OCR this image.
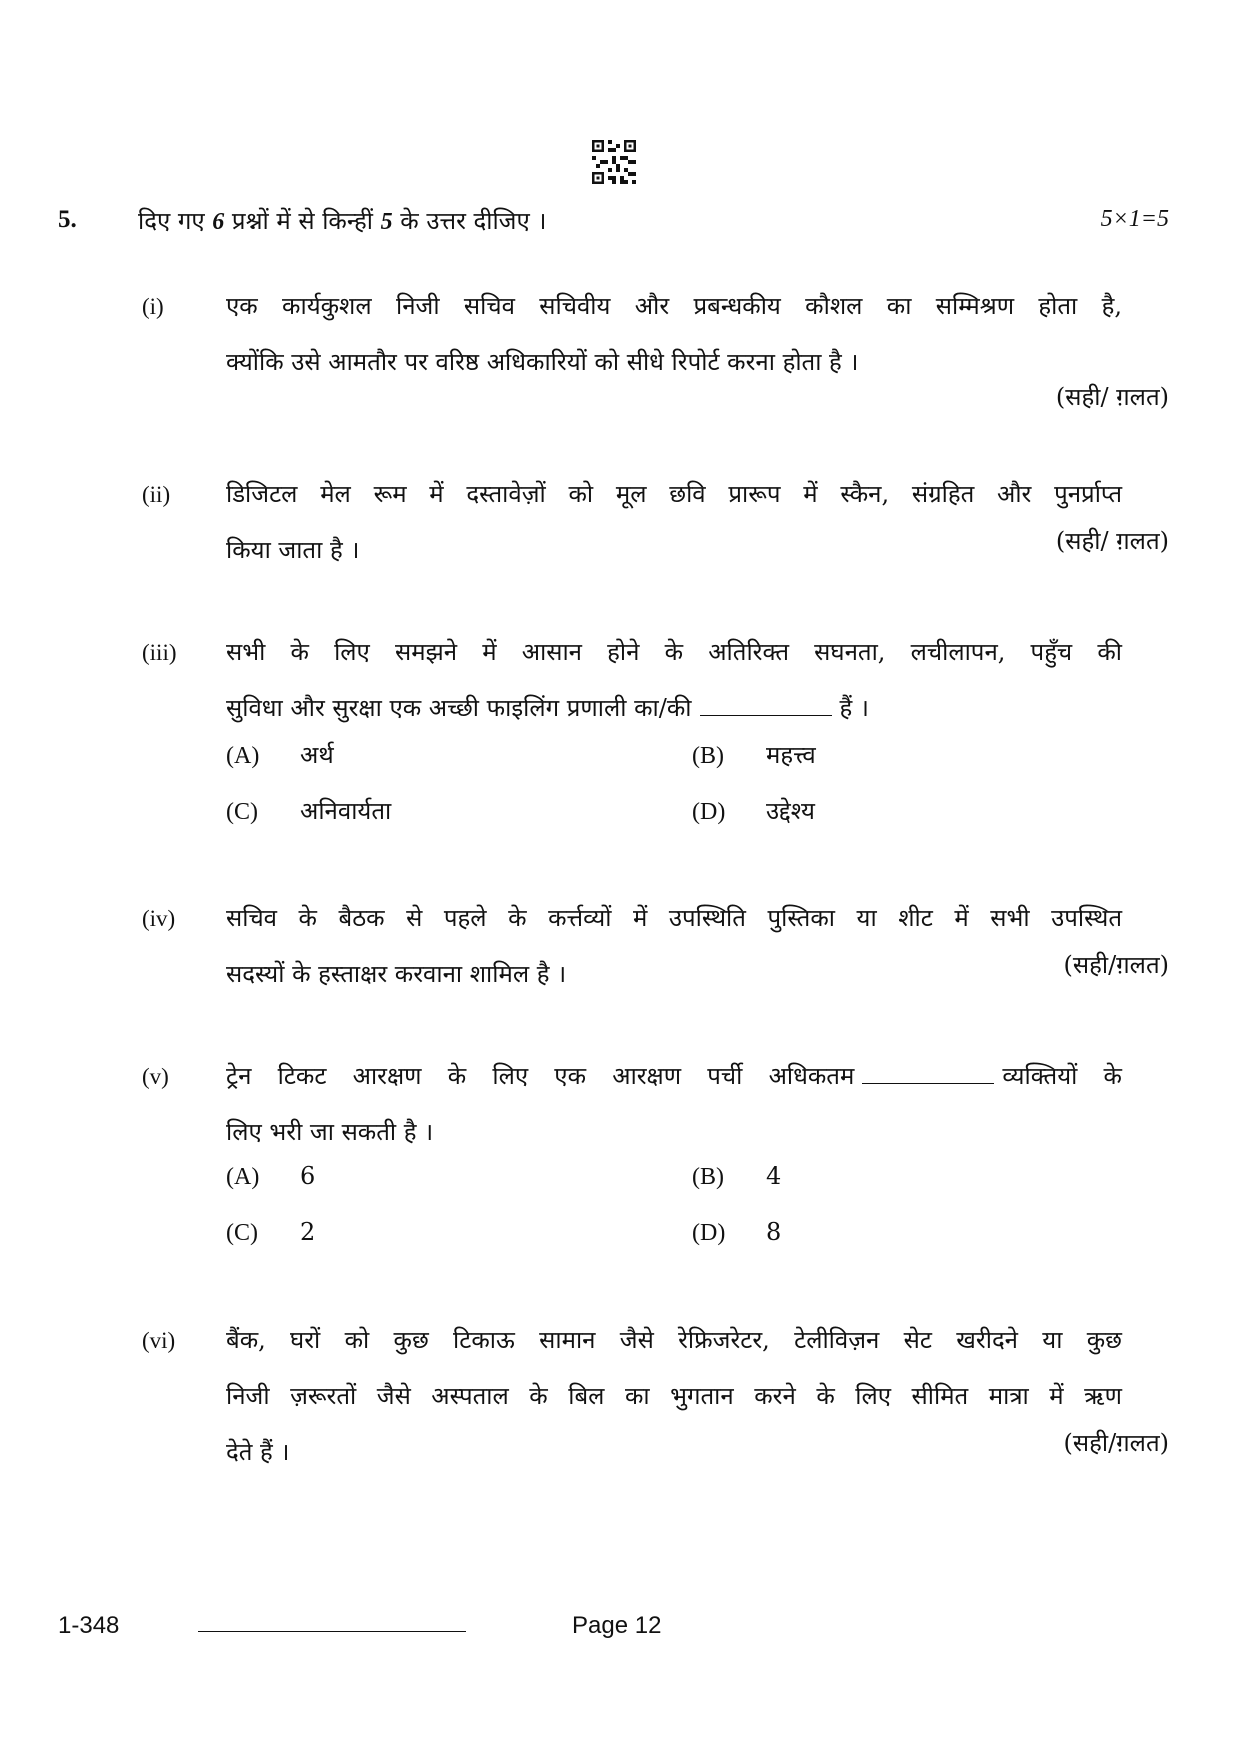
5.	दिए गए 6 प्रश्नों में से किन्हीं 5 के उत्तर दीजिए ।	5×1=5
(i)	एक कार्यकुशल निजी सचिव सचिवीय और प्रबन्धकीय कौशल का सम्मिश्रण होता है,
क्योंकि उसे आमतौर पर वरिष्ठ अधिकारियों को सीधे रिपोर्ट करना होता है ।
(सही/ ग़लत)
(ii) डिजिटल मेल रूम में दस्तावेज़ों को मूल छवि प्रारूप में स्कैन, संग्रहित और पुनर्प्राप्त
किया जाता है ।	(सही/ ग़लत)
(iii) सभी के लिए समझने में आसान होने के अतिरिक्त सघनता, लचीलापन, पहुँच की
सुविधा और सुरक्षा एक अच्छी फाइलिंग प्रणाली का/की	हैं ।
(A) अर्थ	(B) महत्त्व
(C) अनिवार्यता	(D) उद्देश्य
(iv) सचिव के बैठक से पहले के कर्त्तव्यों में उपस्थिति पुस्तिका या शीट में सभी उपस्थित
सदस्यों के हस्ताक्षर करवाना शामिल है ।	(सही/ग़लत)
(v) ट्रेन टिकट आरक्षण के लिए एक आरक्षण पर्ची अधिकतम	व्यक्तियों के
लिए भरी जा सकती है ।
(A) 6	(B) 4
(C) 2	(D) 8
(vi) बैंक, घरों को कुछ टिकाऊ सामान जैसे रेफ्रिजरेटर, टेलीविज़न सेट खरीदने या कुछ
निजी ज़रूरतों जैसे अस्पताल के बिल का भुगतान करने के लिए सीमित मात्रा में ऋण
देते हैं ।	(सही/ग़लत)
1-348	Page 12
